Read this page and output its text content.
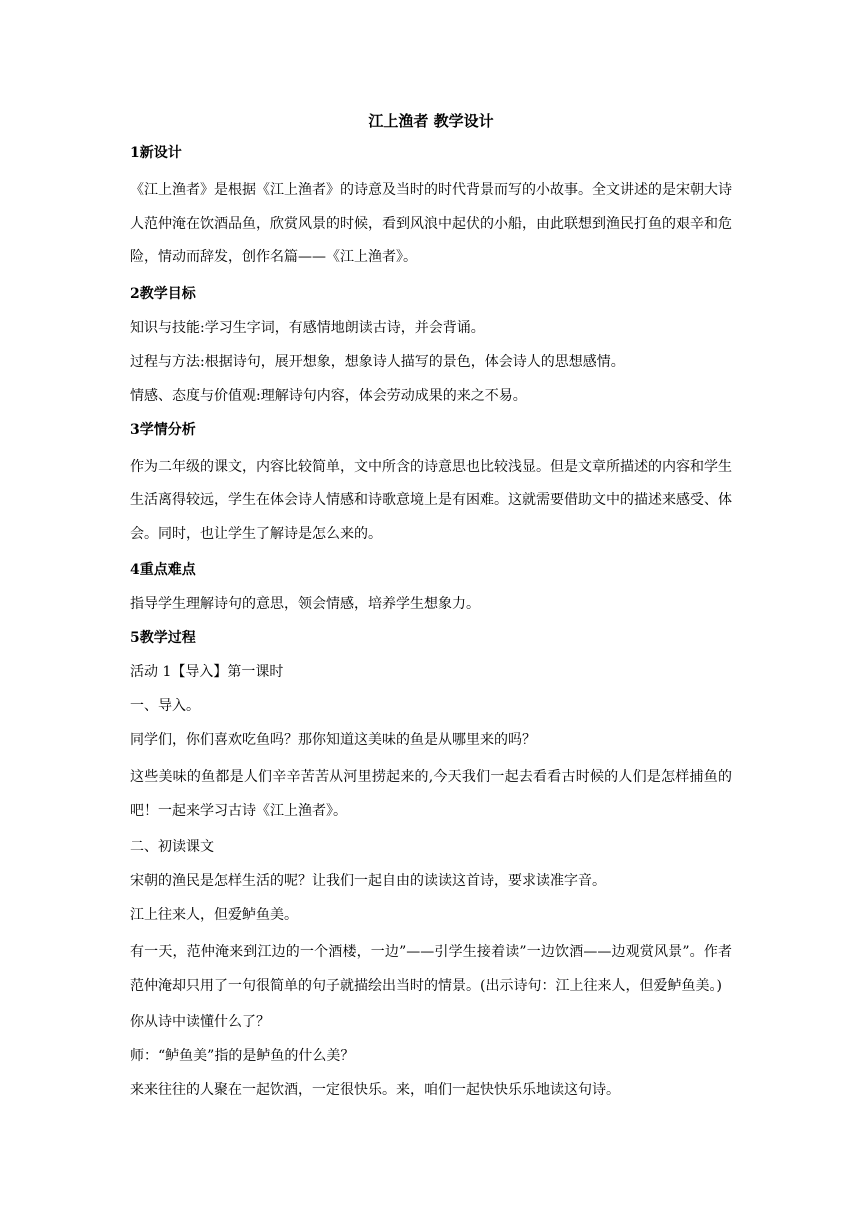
江上渔者 教学设计
1新设计

《江上渔者》是根据《江上渔者》的诗意及当时的时代背景而写的小故事。全文讲述的是宋朝大诗人范仲淹在饮酒品鱼，欣赏风景的时候，看到风浪中起伏的小船，由此联想到渔民打鱼的艰辛和危险，情动而辞发，创作名篇——《江上渔者》。

2教学目标
知识与技能:学习生字词，有感情地朗读古诗，并会背诵。
过程与方法:根据诗句，展开想象，想象诗人描写的景色，体会诗人的思想感情。
情感、态度与价值观:理解诗句内容，体会劳动成果的来之不易。
3学情分析

作为二年级的课文，内容比较简单，文中所含的诗意思也比较浅显。但是文章所描述的内容和学生生活离得较远，学生在体会诗人情感和诗歌意境上是有困难。这就需要借助文中的描述来感受、体会。同时，也让学生了解诗是怎么来的。

4重点难点
指导学生理解诗句的意思，领会情感，培养学生想象力。
5教学过程
活动 1【导入】第一课时
一、导入。
同学们，你们喜欢吃鱼吗？那你知道这美味的鱼是从哪里来的吗？

这些美味的鱼都是人们辛辛苦苦从河里捞起来的,今天我们一起去看看古时候的人们是怎样捕鱼的吧！一起来学习古诗《江上渔者》。

二、初读课文
宋朝的渔民是怎样生活的呢？让我们一起自由的读读这首诗，要求读准字音。
江上往来人，但爱鲈鱼美。

有一天，范仲淹来到江边的一个酒楼，一边”——引学生接着读”一边饮酒——边观赏风景”。作者范仲淹却只用了一句很简单的句子就描绘出当时的情景。(出示诗句：江上往来人，但爱鲈鱼美。)

你从诗中读懂什么了？
师：“鲈鱼美”指的是鲈鱼的什么美？
来来往往的人聚在一起饮酒，一定很快乐。来，咱们一起快快乐乐地读这句诗。
